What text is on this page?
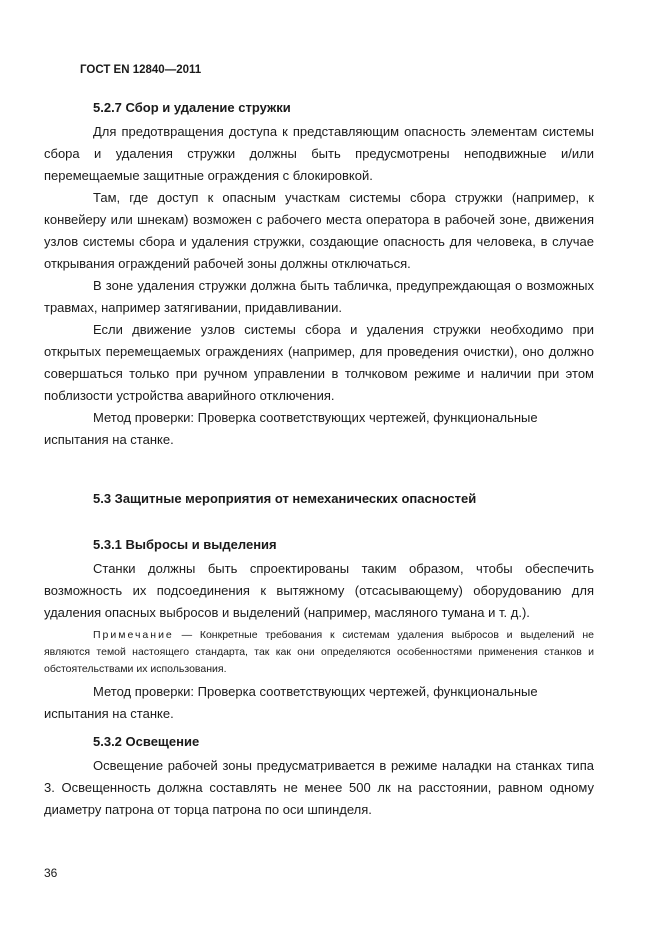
ГОСТ EN 12840—2011
5.2.7 Сбор и удаление стружки

Для предотвращения доступа к представляющим опасность элементам системы сбора и удаления стружки должны быть предусмотрены неподвижные и/или перемещаемые защитные ограждения с блокировкой.

Там, где доступ к опасным участкам системы сбора стружки (например, к конвейеру или шнекам) возможен с рабочего места оператора в рабочей зоне, движения узлов системы сбора и удаления стружки, создающие опасность для человека, в случае открывания ограждений рабочей зоны должны отключаться.

В зоне удаления стружки должна быть табличка, предупреждающая о возможных травмах, например затягивании, придавливании.

Если движение узлов системы сбора и удаления стружки необходимо при открытых перемещаемых ограждениях (например, для проведения очистки), оно должно совершаться только при ручном управлении в толчковом режиме и наличии при этом поблизости устройства аварийного отключения.

Метод проверки: Проверка соответствующих чертежей, функциональные испытания на станке.

5.3 Защитные мероприятия от немеханических опасностей
5.3.1 Выбросы и выделения

Станки должны быть спроектированы таким образом, чтобы обеспечить возможность их подсоединения к вытяжному (отсасывающему) оборудованию для удаления опасных выбросов и выделений (например, масляного тумана и т. д.).

Примечание — Конкретные требования к системам удаления выбросов и выделений не являются темой настоящего стандарта, так как они определяются особенностями применения станков и обстоятельствами их использования.

Метод проверки: Проверка соответствующих чертежей, функциональные испытания на станке.

5.3.2 Освещение

Освещение рабочей зоны предусматривается в режиме наладки на станках типа 3. Освещенность должна составлять не менее 500 лк на расстоянии, равном одному диаметру патрона от торца патрона по оси шпинделя.

36
